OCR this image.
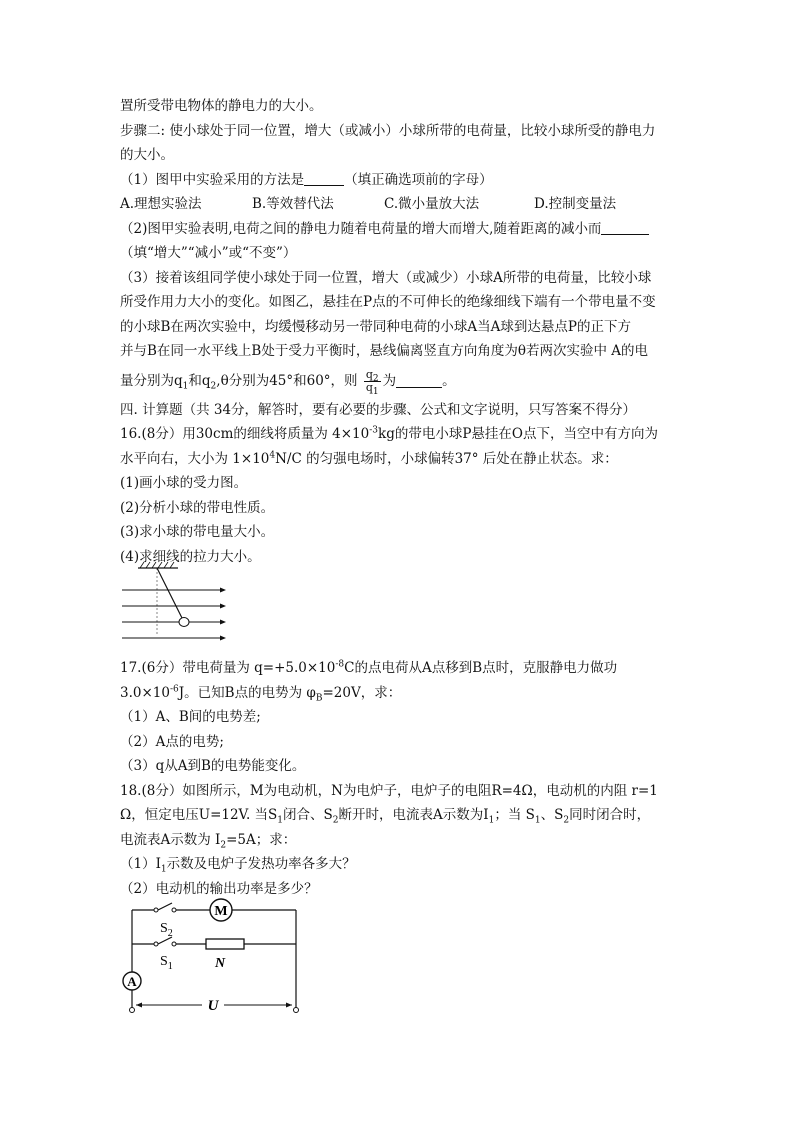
置所受带电物体的静电力的大小。
步骤二: 使小球处于同一位置，增大（或减小）小球所带的电荷量，比较小球所受的静电力
的大小。
（1）图甲中实验采用的方法是	（填正确选项前的字母）
A.理想实验法	B.等效替代法	C.微小量放大法	D.控制变量法
（2)图甲实验表明,电荷之间的静电力随着电荷量的增大而增大,随着距离的减小而
（填“增大”“减小”或“不变”）
（3）接着该组同学使小球处于同一位置，增大（或减少）小球A所带的电荷量，比较小球
所受作用力大小的变化。如图乙，悬挂在P点的不可伸长的绝缘细线下端有一个带电量不变
的小球B在两次实验中，均缓慢移动另一带同种电荷的小球A当A球到达悬点P的正下方
并与B在同一水平线上B处于受力平衡时，悬线偏离竖直方向角度为θ若两次实验中 A的电
量分别为$q_1$和$q_2,\theta$分别为45°和60°，则 $\frac{q_2}{q_1}$ 为	。
四. 计算题（共 34分，解答时，要有必要的步骤、公式和文字说明，只写答案不得分）
16.(8分）用30cm的细线将质量为 $4\times 10^{-3}kg$的带电小球P悬挂在O点下，当空中有方向为
水平向右，大小为 $1\times 10^4N/C$ 的匀强电场时，小球偏转37° 后处在静止状态。求：
(1)画小球的受力图。
(2)分析小球的带电性质。
(3)求小球的带电量大小。
(4)求细线的拉力大小。
17.(6分）带电荷量为 $q=+5.0\times 10^{-8}C$的点电荷从A点移到B点时，克服静电力做功
$3.0\times 10^{-6}J$。已知B点的电势为 $\varphi_B=20V$，求：
（1）A、B间的电势差;
（2）A点的电势;
（3）q从A到B的电势能变化。
18.(8分）如图所示，M为电动机，N为电炉子，电炉子的电阻R=4Ω，电动机的内阻 r=1
Ω，恒定电压U=12V. 当$S_1$闭合、$S_2$断开时，电流表A示数为$I_1$；当 $S_1$、$S_2$同时闭合时，
电流表A示数为 $I_2=5A$；求：
$(1)I_1$示数及电炉子发热功率各多大？
（2）电动机的输出功率是多少？
M
N
$S_2$
$S_1$
A
U
